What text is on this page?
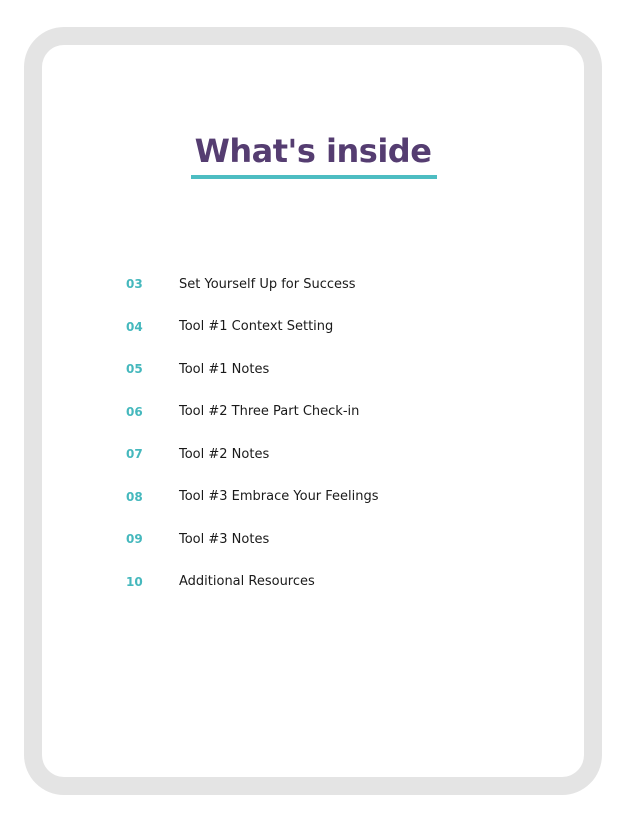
What's inside
03	Set Yourself Up for Success
04	Tool #1 Context Setting
05	Tool #1 Notes
06	Tool #2 Three Part Check-in
07	Tool #2 Notes
08	Tool #3 Embrace Your Feelings
09	Tool #3 Notes
10	Additional Resources
